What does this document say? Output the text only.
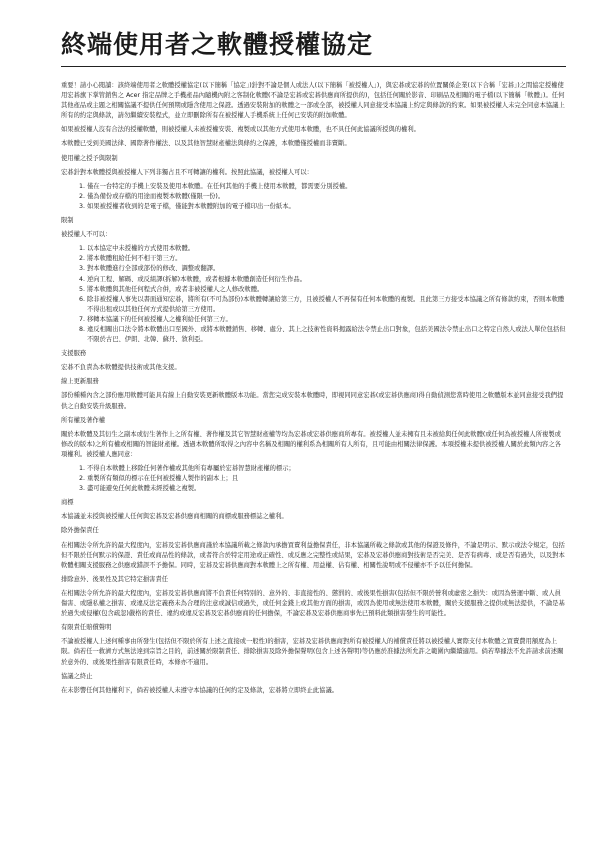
終端使用者之軟體授權協定

重要！請小心閱讀：該終端使用者之軟體授權協定(以下簡稱「協定」)針對不論是個人或法人(以下簡稱「被授權人」)，與宏碁或宏碁的位置關係企業(以下合稱「宏碁」)之間協定授權使用宏碁旗下掌管銷售之 Acer 指定品牌之手機產品內隨機內附之客制化軟體(不論是宏碁或宏碁供應商所提供的)，包括任何關於影音、印刷品及相關的電子檔(以下簡稱「軟體」)。任何其他產品或主題之相關協議不提供任何預期或隱含使用之保證。透過安裝附加的軟體之一部或全部，被授權人同意接受本協議上約定與條款的約束。如果被授權人未完全同意本協議上所有的約定與條款，請勿繼續安裝程式，並立即刪除所有在被授權人手機系統上任何已安裝的附加軟體。

如果被授權人沒有合法的授權軟體，則被授權人未被授權安裝、複製或以其他方式使用本軟體，也不具任何此協議所授與的權利。

本軟體已受到美國法律、國際著作權法、以及其他智慧財產權法與條約之保護，本軟體僅授權而非賣斷。

使用權之授予與限制

宏碁針對本軟體授與被授權人下列非獨占且不可轉讓的權利。按照此協議，被授權人可以：

1. 僅在一台特定的手機上安裝及使用本軟體。在任何其他的手機上使用本軟體，都需要分別授權。
2. 僅為備份或存檔的用途而複製本軟體(僅限一份)。
3. 如果被授權者收到的是電子檔，僅能對本軟體附加的電子檔印出一份紙本。
限制

被授權人不可以：

1. 以本協定中未授權的方式使用本軟體。
2. 將本軟體租給任何不相干第三方。
3. 對本軟體進行全部或部份的修改、調整或翻譯。
4. 逆向工程、解碼、或反組譯(拆解)本軟體，或者根據本軟體創造任何衍生作品。
5. 將本軟體與其他任何程式合併，或者非被授權人之人修改軟體。
6. 除非被授權人事先以書面通知宏碁，將所有(不可為部份)本軟體轉讓給第三方，且被授權人不再保有任何本軟體的複製。且此第三方接受本協議之所有條款約束，否則本軟體不得出租或以其他任何方式提供給第三方使用。
7. 移轉本協議下的任何被授權人之權利給任何第三方。
8. 違反相關出口法令將本軟體出口至國外、或將本軟體銷售、移轉、處分、其上之技術性資料揭露給法令禁止出口對象，包括美國法令禁止出口之特定自然人或法人單位包括但不限於古巴、伊朗、北韓、蘇丹、敘利亞。
支援服務

宏碁不負責為本軟體提供技術或其他支援。

線上更新服務

部份種種內含之部份應用軟體可能具有線上自動安裝更新軟體版本功能。當您完成安裝本軟體時，即視同同意宏碁(或宏碁供應商)得自動偵測您當時使用之軟體版本並同意接受我們提供之自動安裝升級服務。

所有權及著作權

關於本軟體及其衍生之副本或衍生著作上之所有權、著作權及其它智慧財產權等均為宏碁或宏碁供應商所專有。被授權人並未擁有且未被給與任何此軟體(或任何為被授權人所複製或修改的版本)之所有權或相關的智能財產權。透過本軟體所取得之內容中名稱及相關的權利系為相關所有人所有，且可能由相關法律保護。本項授權未提供被授權人關於此類內容之各項權利。被授權人應同意：

1. 不得自本軟體上移除任何著作權或其他所有專屬於宏碁智慧財產權的標示；
2. 重製所有類似的標示在任何被授權人製作的副本上；且
3. 盡可能避免任何此軟體未經授權之複製。
商標

本協議並未授與被授權人任何與宏碁及宏碁供應商相關的商標或服務標誌之權利。

除外擔保責任

在相關法令所允許的最大程度內，宏碁及宏碁供應商謹於本協議所載之條款內承擔買賣利益擔保責任，非本協議所載之條款或其他的保證及條件，不論是明示、默示或法令規定，包括但不限於任何默示的保證、責任或商品性的條款，或者符合於特定用途或正確性、或反應之完整性或結果，宏碁及宏碁供應商對技術是否完美、是否有病毒、或是否有過失，以及對本軟體相關支援服務之供應或錯誤不予擔保。同時，宏碁及宏碁供應商對本軟體上之所有權、用益權、佔有權、相關性說明或不侵權亦不予以任何擔保。

排除意外、後果性及其它特定損害責任

在相關法令所允許的最大程度內，宏碁及宏碁供應商將不負責任何特別的、意外的、非直接性的、懲罰的、或後果性損害(包括但不限於營利或虛密之損失：或因為營運中斷、或人員傷害、或隱私權之損害、或違反法定義務未為合理的注意或誠信或過失，或任何金錢上或其他方面的損害，或因為使用或無法使用本軟體，關於支援服務之提供或無法提供，不論是基於過失或侵權(包含疏忽)嚴格的責任、違約或違反宏碁及宏碁供應商的任何擔保，不論宏碁及宏碁供應商事先已預料此類損害發生的可能性。

有限責任賠償聲明

不論被授權人上述何種事由所發生(包括但不限於所有上述之直接或一般性)的損害，宏碁及宏碁供應商對所有被授權人的補償責任將以被授權人實際支付本軟體之買賣費用額度為上限。倘若任一救濟方式無法達到宗旨之目的，前述關於限制責任、排除損害及除外擔保聲明(包含上述各聲明)等仍應於准據法所允許之範圍內繼續適用。倘若準據法不允許請求前述關於意外的、或後果性損害有限責任時，本條亦不適用。

協議之終止

在未影響任何其他權利下，倘若被授權人未遵守本協議的任何約定及條款，宏碁將立即終止此協議。
